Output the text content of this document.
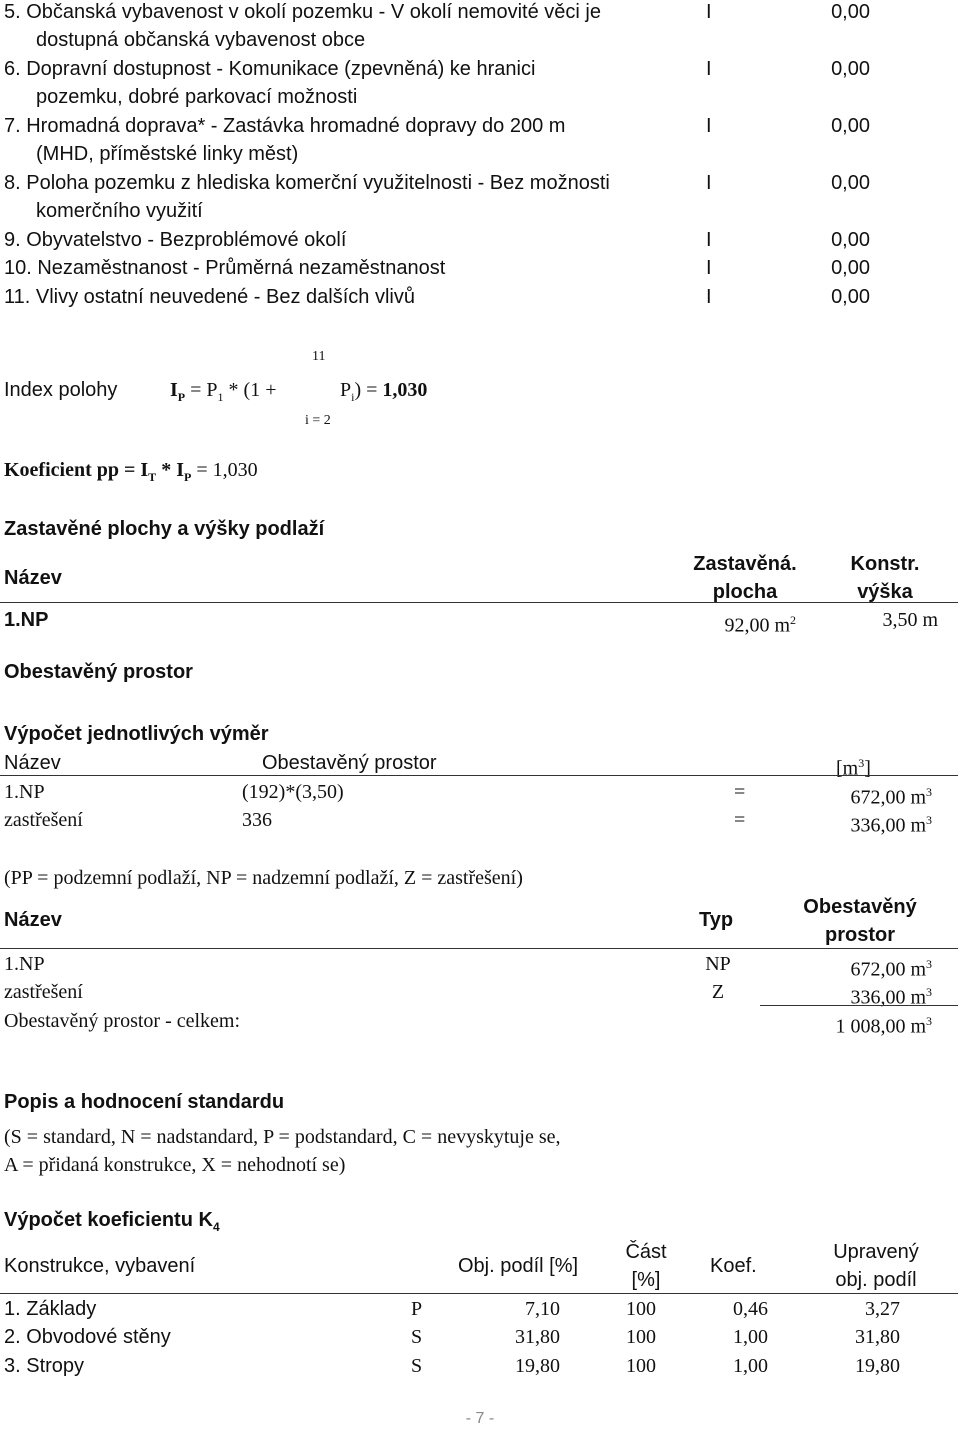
5. Občanská vybavenost v okolí pozemku - V okolí nemovité věci je
dostupná občanská vybavenost obce
I	0,00
6. Dopravní dostupnost - Komunikace (zpevněná) ke hranici
pozemku, dobré parkovací možnosti
I	0,00
7. Hromadná doprava* - Zastávka hromadné dopravy do 200 m
(MHD, příměstské linky měst)
I	0,00
8. Poloha pozemku z hlediska komerční využitelnosti - Bez možnosti
komerčního využití
I	0,00
9. Obyvatelstvo - Bezproblémové okolí	I	0,00
10. Nezaměstnanost - Průměrná nezaměstnanost	I	0,00
11. Vlivy ostatní neuvedené - Bez dalších vlivů	I	0,00
11
Index polohy	$I_P = P_1 * (1$ +	$P_i) = 1,030$
i = 2
Koeficient pp = $I_T * I_P = 1,030$
Zastavěné plochy a výšky podlaží
Název
Zastavěná.
plocha
Konstr.
výška
1.NP	92,00 $m^2$	3,50 m
Obestavěný prostor
Výpočet jednotlivých výměr
Název	Obestavěný prostor	$[m^3]$
1.NP	(192)*(3,50)	=	672,00 $m^3$
zastřešení	336	=	336,00 $m^3$
(PP = podzemní podlaží, NP = nadzemní podlaží, Z = zastřešení)
Název	Typ
Obestavěný
prostor
1.NP	NP	672,00 $m^3$
zastřešení	Z	336,00 $m^3$
Obestavěný prostor - celkem:	1 008,00 $m^3$
Popis a hodnocení standardu
(S = standard, N = nadstandard, P = podstandard, C = nevyskytuje se,
A = přidaná konstrukce, X = nehodnotí se)
Výpočet koeficientu $K_4$
Konstrukce, vybavení	Obj. podíl [%]
Část
[%]
Koef.
Upravený
obj. podíl
1. Základy	P	7,10	100	0,46	3,27
2. Obvodové stěny	S	31,80	100	1,00	31,80
3. Stropy	S	19,80	100	1,00	19,80
- 7 -
